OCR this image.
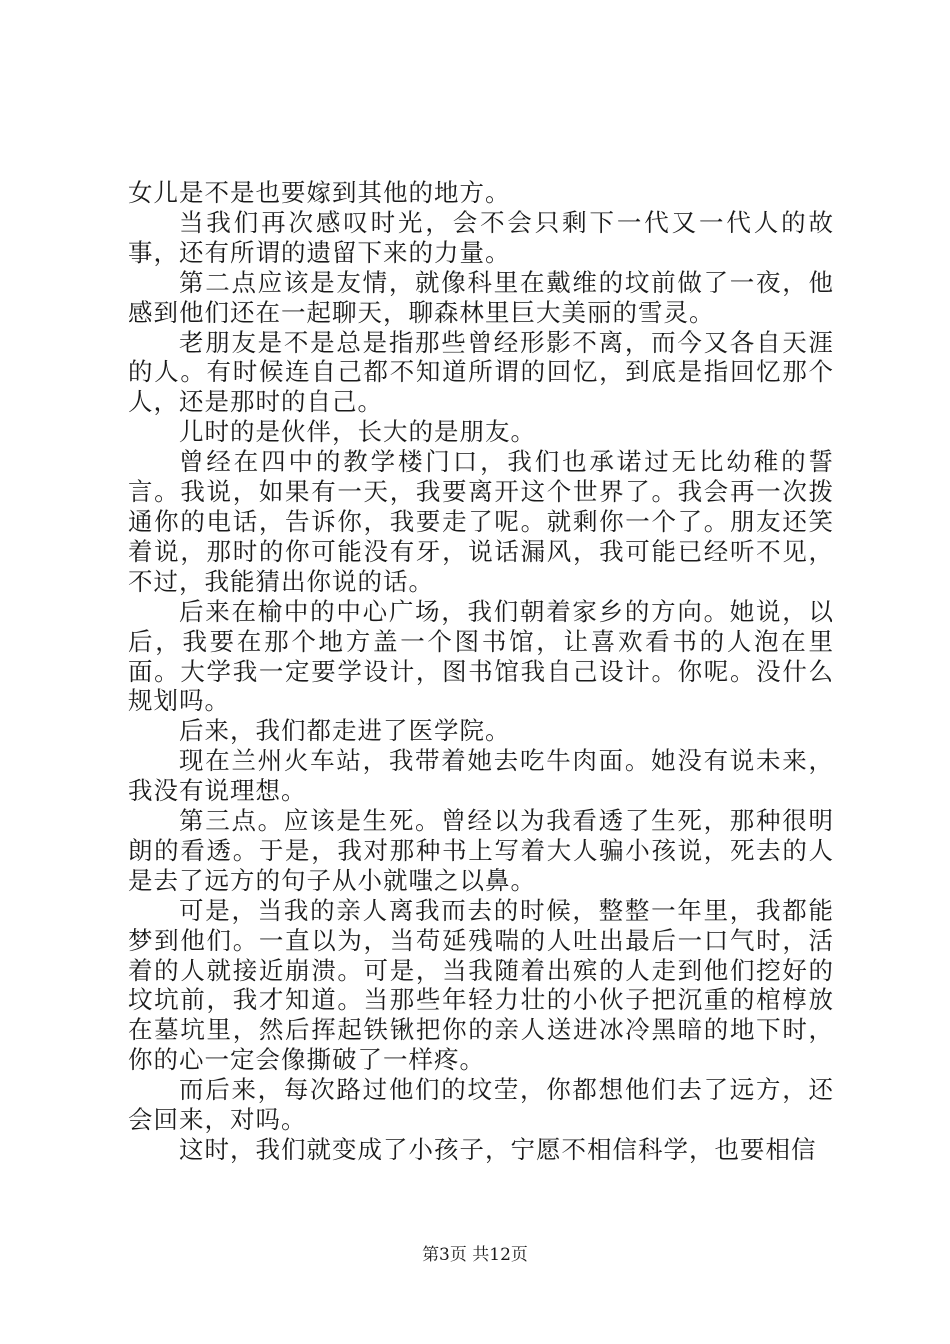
女儿是不是也要嫁到其他的地方。

当我们再次感叹时光，会不会只剩下一代又一代人的故事，还有所谓的遗留下来的力量。

第二点应该是友情，就像科里在戴维的坟前做了一夜，他感到他们还在一起聊天，聊森林里巨大美丽的雪灵。

老朋友是不是总是指那些曾经形影不离，而今又各自天涯的人。有时候连自己都不知道所谓的回忆，到底是指回忆那个人，还是那时的自己。

儿时的是伙伴，长大的是朋友。

曾经在四中的教学楼门口，我们也承诺过无比幼稚的誓言。我说，如果有一天，我要离开这个世界了。我会再一次拨通你的电话，告诉你，我要走了呢。就剩你一个了。朋友还笑着说，那时的你可能没有牙，说话漏风，我可能已经听不见，不过，我能猜出你说的话。

后来在榆中的中心广场，我们朝着家乡的方向。她说，以后，我要在那个地方盖一个图书馆，让喜欢看书的人泡在里面。大学我一定要学设计，图书馆我自己设计。你呢。没什么规划吗。

后来，我们都走进了医学院。

现在兰州火车站，我带着她去吃牛肉面。她没有说未来，我没有说理想。

第三点。应该是生死。曾经以为我看透了生死，那种很明朗的看透。于是，我对那种书上写着大人骗小孩说，死去的人是去了远方的句子从小就嗤之以鼻。

可是，当我的亲人离我而去的时候，整整一年里，我都能梦到他们。一直以为，当苟延残喘的人吐出最后一口气时，活着的人就接近崩溃。可是，当我随着出殡的人走到他们挖好的坟坑前，我才知道。当那些年轻力壮的小伙子把沉重的棺椁放在墓坑里，然后挥起铁锹把你的亲人送进冰冷黑暗的地下时，你的心一定会像撕破了一样疼。

而后来，每次路过他们的坟茔，你都想他们去了远方，还会回来，对吗。

这时，我们就变成了小孩子，宁愿不相信科学，也要相信

第3页 共12页
